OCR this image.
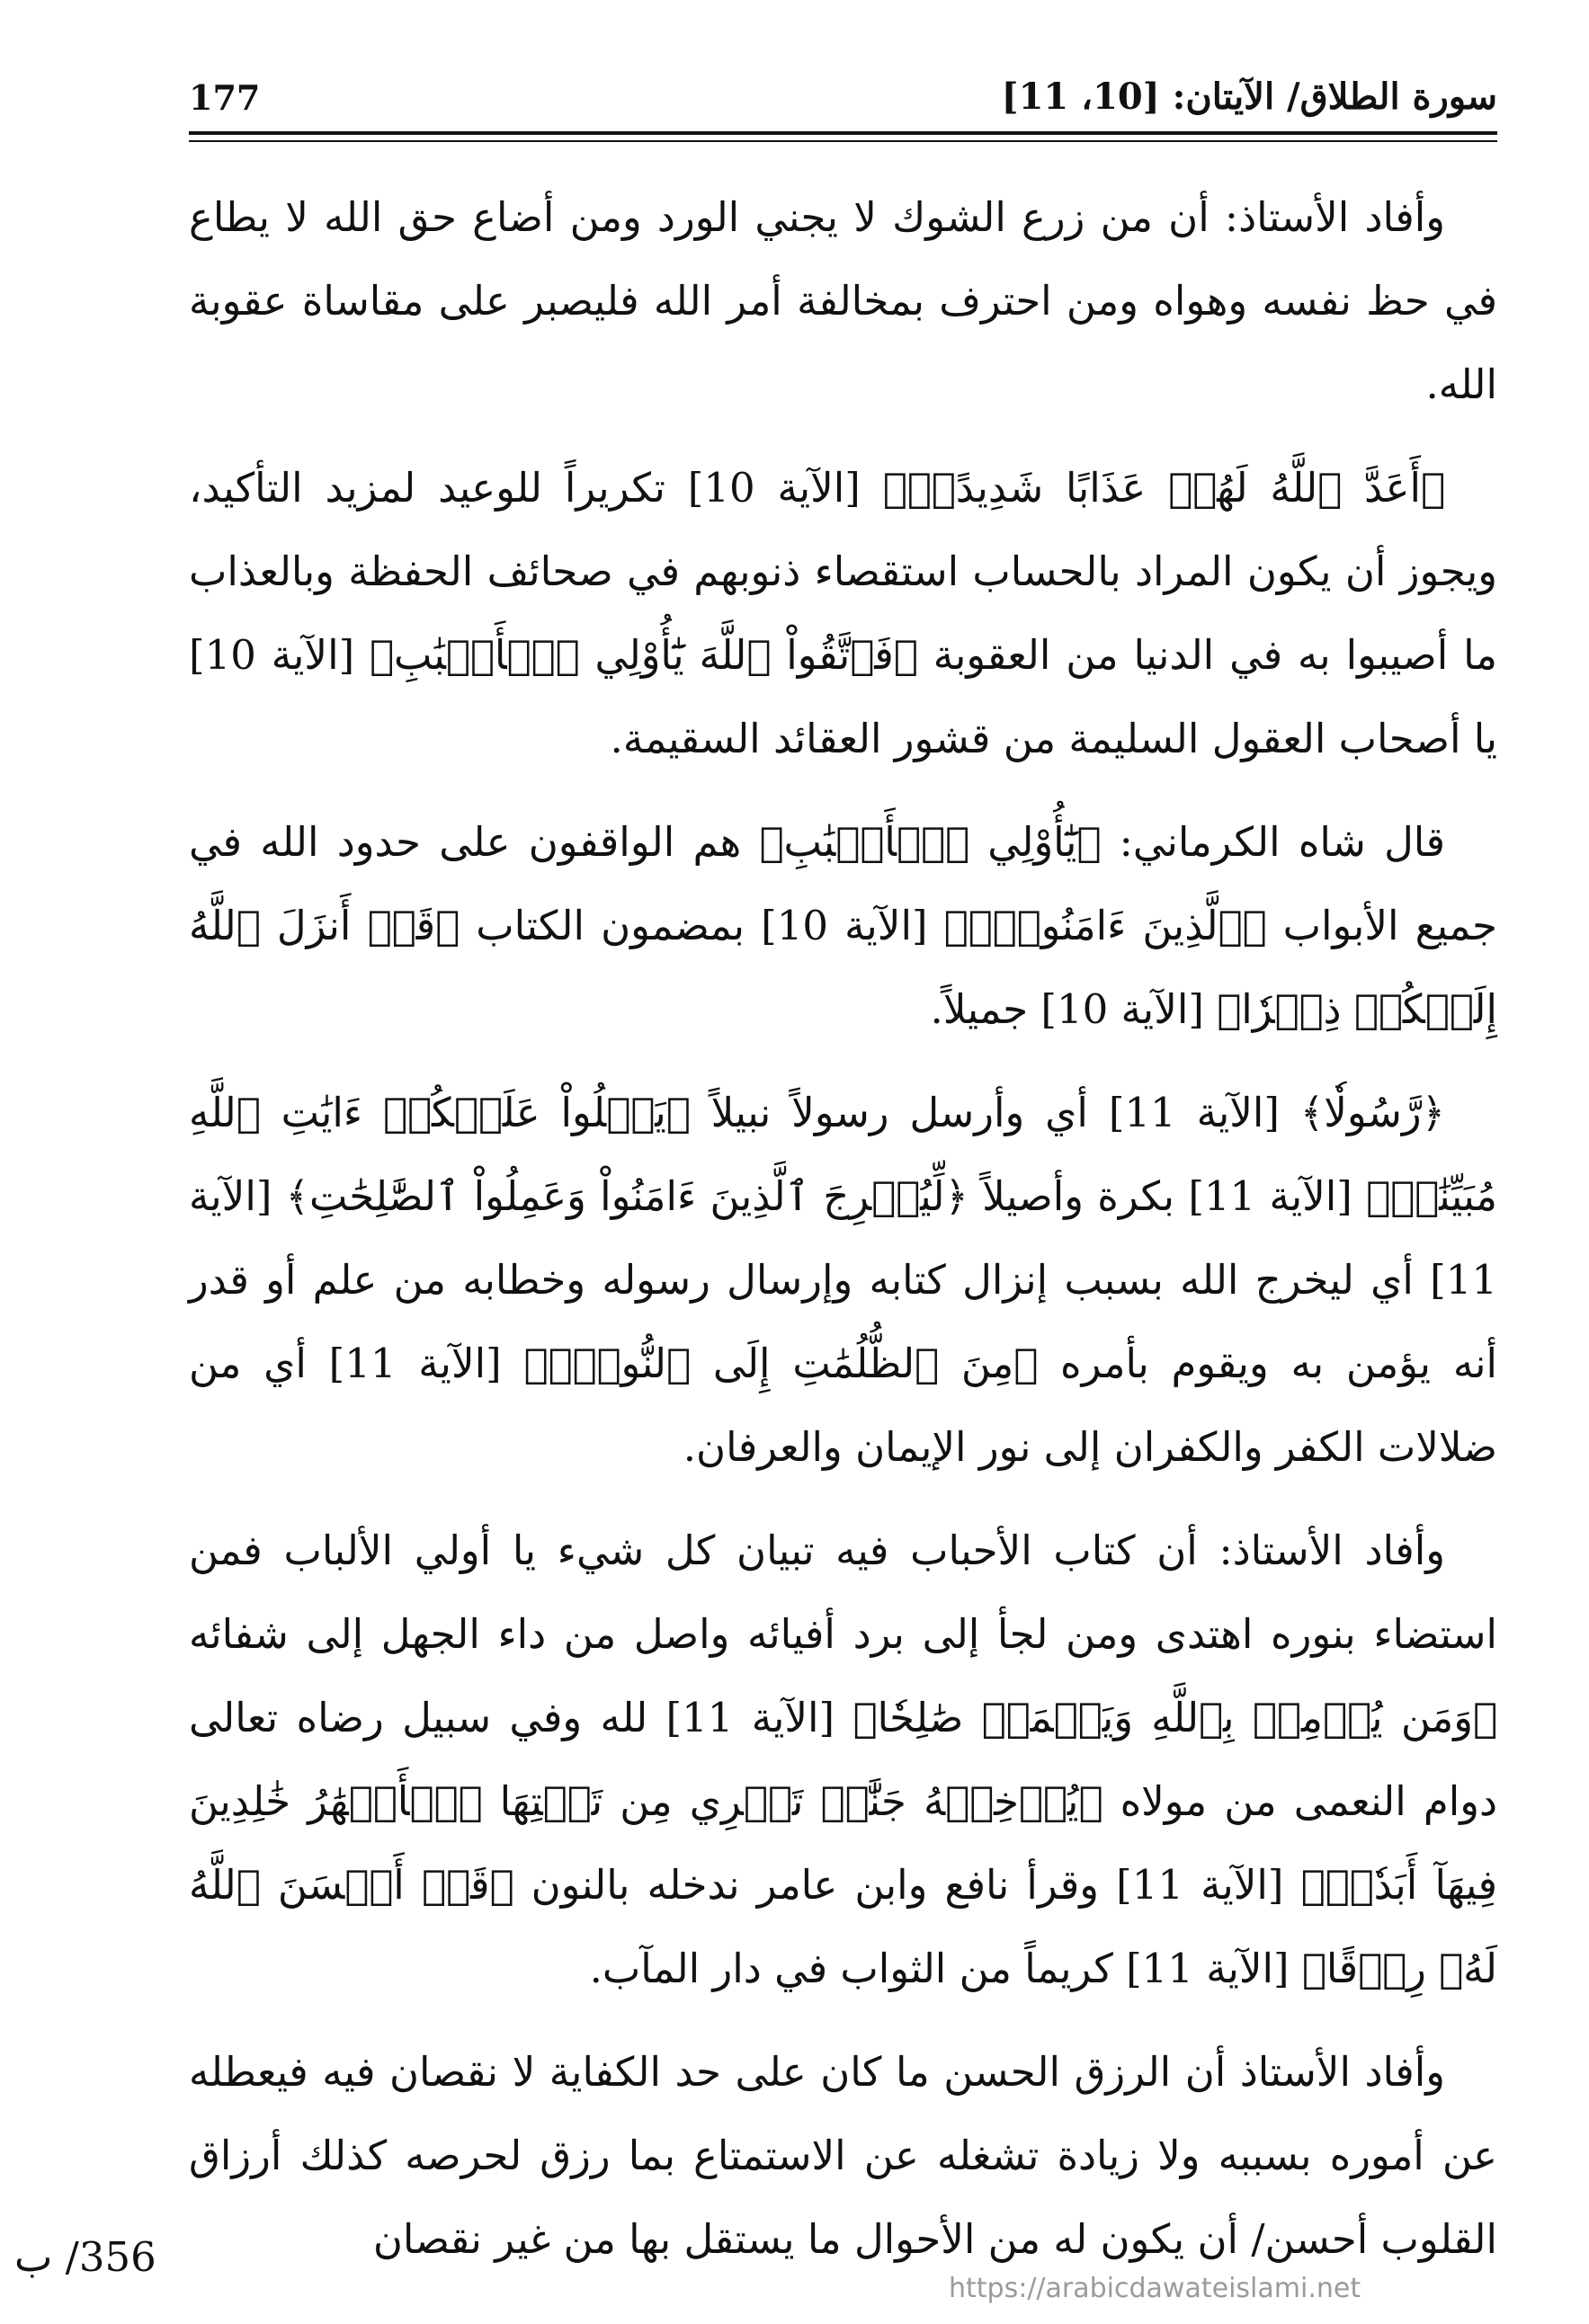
سورة الطلاق/ الآيتان: [10، 11]
177

وأفاد الأستاذ: أن من زرع الشوك لا يجني الورد ومن أضاع حق الله لا يطاع في حظ نفسه وهواه ومن احترف بمخالفة أمر الله فليصبر على مقاساة عقوبة الله.

﴿أَعَدَّ ٱللَّهُ لَهُمۡ عَذَابًا شَدِيدًاۖ﴾ [الآية 10] تكريراً للوعيد لمزيد التأكيد، ويجوز أن يكون المراد بالحساب استقصاء ذنوبهم في صحائف الحفظة وبالعذاب ما أصيبوا به في الدنيا من العقوبة ﴿فَٱتَّقُواْ ٱللَّهَ يَٰٓأُوْلِي ٱلۡأَلۡبَٰبِ﴾ [الآية 10] يا أصحاب العقول السليمة من قشور العقائد السقيمة.

قال شاه الكرماني: ﴿يَٰٓأُوْلِي ٱلۡأَلۡبَٰبِ﴾ هم الواقفون على حدود الله في جميع الأبواب ﴿ٱلَّذِينَ ءَامَنُواْۚ﴾ [الآية 10] بمضمون الكتاب ﴿قَدۡ أَنزَلَ ٱللَّهُ إِلَيۡكُمۡ ذِكۡرٗا﴾ [الآية 10] جميلاً.

﴿رَّسُولٗا﴾ [الآية 11] أي وأرسل رسولاً نبيلاً ﴿يَتۡلُواْ عَلَيۡكُمۡ ءَايَٰتِ ٱللَّهِ مُبَيِّنَٰتٖ﴾ [الآية 11] بكرة وأصيلاً ﴿لِّيُخۡرِجَ ٱلَّذِينَ ءَامَنُواْ وَعَمِلُواْ ٱلصَّٰلِحَٰتِ﴾ [الآية 11] أي ليخرج الله بسبب إنزال كتابه وإرسال رسوله وخطابه من علم أو قدر أنه يؤمن به ويقوم بأمره ﴿مِنَ ٱلظُّلُمَٰتِ إِلَى ٱلنُّورِۚ﴾ [الآية 11] أي من ضلالات الكفر والكفران إلى نور الإيمان والعرفان.

وأفاد الأستاذ: أن كتاب الأحباب فيه تبيان كل شيء يا أولي الألباب فمن استضاء بنوره اهتدى ومن لجأ إلى برد أفيائه واصل من داء الجهل إلى شفائه ﴿وَمَن يُؤۡمِنۢ بِٱللَّهِ وَيَعۡمَلۡ صَٰلِحٗا﴾ [الآية 11] لله وفي سبيل رضاه تعالى دوام النعمى من مولاه ﴿يُدۡخِلۡهُ جَنَّٰتٖ تَجۡرِي مِن تَحۡتِهَا ٱلۡأَنۡهَٰرُ خَٰلِدِينَ فِيهَآ أَبَدٗاۖ﴾ [الآية 11] وقرأ نافع وابن عامر ندخله بالنون ﴿قَدۡ أَحۡسَنَ ٱللَّهُ لَهُۥ رِزۡقًا﴾ [الآية 11] كريماً من الثواب في دار المآب.

وأفاد الأستاذ أن الرزق الحسن ما كان على حد الكفاية لا نقصان فيه فيعطله عن أموره بسببه ولا زيادة تشغله عن الاستمتاع بما رزق لحرصه كذلك أرزاق القلوب أحسن/ أن يكون له من الأحوال ما يستقل بها من غير نقصان

356/ ب
https://arabicdawateislami.net
